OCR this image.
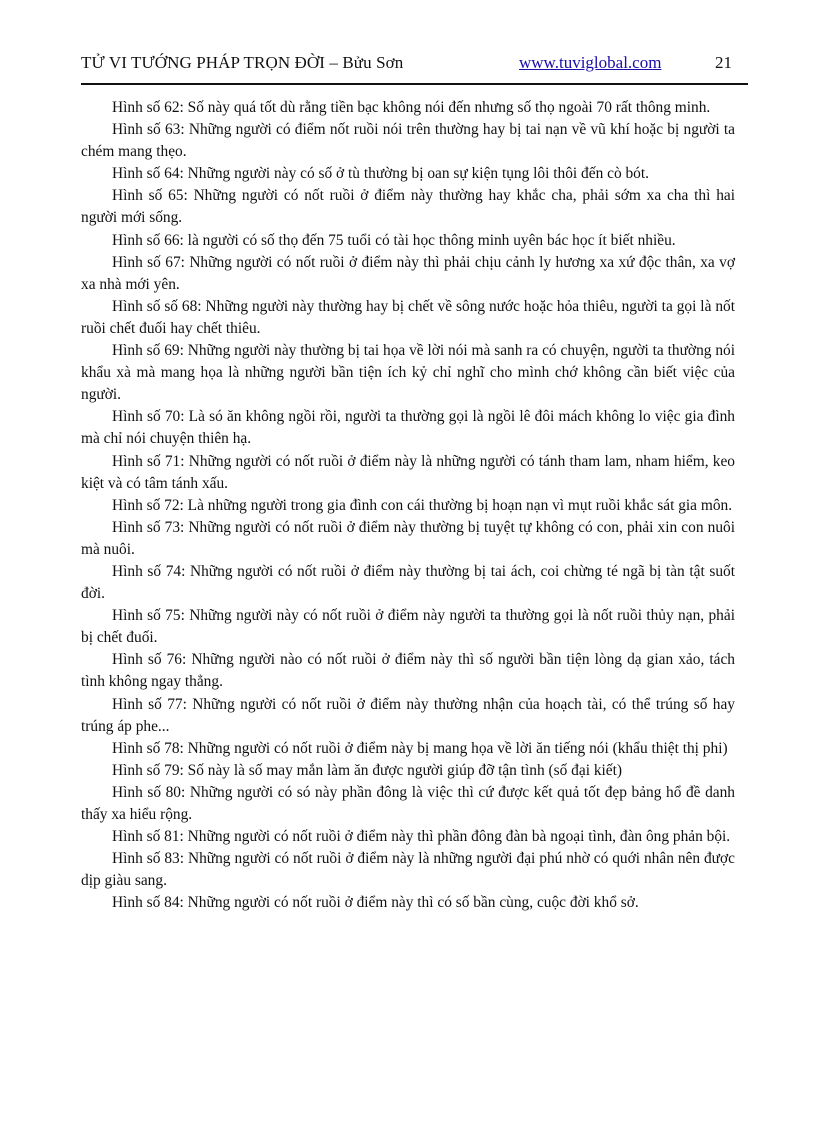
TỬ VI TƯỚNG PHÁP TRỌN ĐỜI – Bửu Sơn	www.tuviglobal.com	21

Hình số 62: Số này quá tốt dù rằng tiền bạc không nói đến nhưng số thọ ngoài 70 rất thông minh.

Hình số 63: Những người có điểm nốt ruồi nói trên thường hay bị tai nạn về vũ khí hoặc bị người ta chém mang thẹo.

Hình số 64: Những người này có số ở tù thường bị oan sự kiện tụng lôi thôi đến cò bót.

Hình số 65: Những người có nốt ruồi ở điểm này thường hay khắc cha, phải sớm xa cha thì hai người mới sống.

Hình số 66: là người có số thọ đến 75 tuổi có tài học thông minh uyên bác học ít biết nhiều.

Hình số 67: Những người có nốt ruồi ở điểm này thì phải chịu cảnh ly hương xa xứ độc thân, xa vợ xa nhà mới yên.

Hình số số 68: Những người này thường hay bị chết về sông nước hoặc hỏa thiêu, người ta gọi là nốt ruồi chết đuối hay chết thiêu.

Hình số 69: Những người này thường bị tai họa về lời nói mà sanh ra có chuyện, người ta thường nói khẩu xà mà mang họa là những người bần tiện ích kỷ chỉ nghĩ cho mình chớ không cần biết việc của người.

Hình số 70: Là só ăn không ngồi rồi, người ta thường gọi là ngồi lê đôi mách không lo việc gia đình mà chỉ nói chuyện thiên hạ.

Hình số 71: Những người có nốt ruồi ở điểm này là những người có tánh tham lam, nham hiểm, keo kiệt và có tâm tánh xấu.

Hình số 72: Là những người trong gia đình con cái thường bị hoạn nạn vì mụt ruồi khắc sát gia môn.

Hình số 73: Những người có nốt ruồi ở điểm này thường bị tuyệt tự không có con, phải xin con nuôi mà nuôi.

Hình số 74: Những người có nốt ruồi ở điểm này thường bị tai ách, coi chừng té ngã bị tàn tật suốt đời.

Hình số 75: Những người này có nốt ruồi ở điểm này người ta thường gọi là nốt ruồi thủy nạn, phải bị chết đuối.

Hình số 76: Những người nào có nốt ruồi ở điểm này thì số người bần tiện lòng dạ gian xảo, tách tình không ngay thẳng.

Hình số 77: Những người có nốt ruồi ở điểm này thường nhận của hoạch tài, có thể trúng số hay trúng áp phe...

Hình số 78: Những người có nốt ruồi ở điểm này bị mang họa về lời ăn tiếng nói (khẩu thiệt thị phi)

Hình số 79: Số này là số may mắn làm ăn được người giúp đỡ tận tình (số đại kiết)

Hình số 80: Những người có só này phần đông là việc thì cứ được kết quả tốt đẹp bảng hổ đề danh thấy xa hiểu rộng.

Hình số 81: Những người có nốt ruồi ở điểm này thì phần đông đàn bà ngoại tình, đàn ông phản bội.

Hình số 83: Những người có nốt ruồi ở điểm này là những người đại phú nhờ có quới nhân nên được dịp giàu sang.

Hình số 84: Những người có nốt ruồi ở điểm này thì có số bần cùng, cuộc đời khổ sở.
